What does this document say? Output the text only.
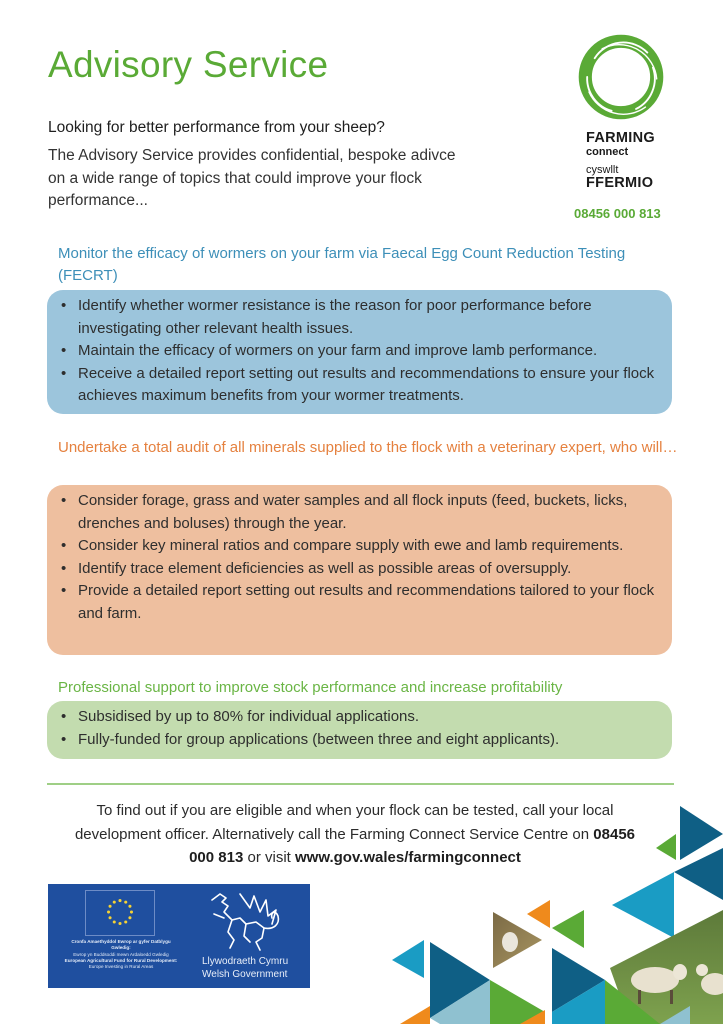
Advisory Service
Looking for better performance from your sheep?
The Advisory Service provides confidential, bespoke adivce on a wide range of topics that could improve your flock performance...
FARMING
connect
cyswllt
FFERMIO
08456 000 813
Monitor the efficacy of wormers on your farm via Faecal Egg Count Reduction Testing (FECRT)
• Identify whether wormer resistance is the reason for poor performance before investigating other relevant health issues.
• Maintain the efficacy of wormers on your farm and improve lamb performance.
• Receive a detailed report setting out results and recommendations to ensure your flock achieves maximum benefits from your wormer treatments.
Undertake a total audit of all minerals supplied to the flock with a veterinary expert, who will…
• Consider forage, grass and water samples and all flock inputs (feed, buckets, licks, drenches and boluses) through the year.
• Consider key mineral ratios and compare supply with ewe and lamb requirements.
• Identify trace element deficiencies as well as possible areas of oversupply.
• Provide a detailed report setting out results and recommendations tailored to your flock and farm.
Professional support to improve stock performance and increase profitability
• Subsidised by up to 80% for individual applications.
• Fully-funded for group applications (between three and eight applicants).
To find out if you are eligible and when your flock can be tested, call your local development officer. Alternatively call the Farming Connect Service Centre on 08456 000 813 or visit www.gov.wales/farmingconnect
Cronfa Amaethyddol Ewrop ar gyfer Datblygu Gwledig:
Ewrop yn Buddsoddi mewn Ardaloedd Gwledig
European Agricultural Fund for Rural Development:
Europe Investing in Rural Areas	Llywodraeth Cymru
Welsh Government
